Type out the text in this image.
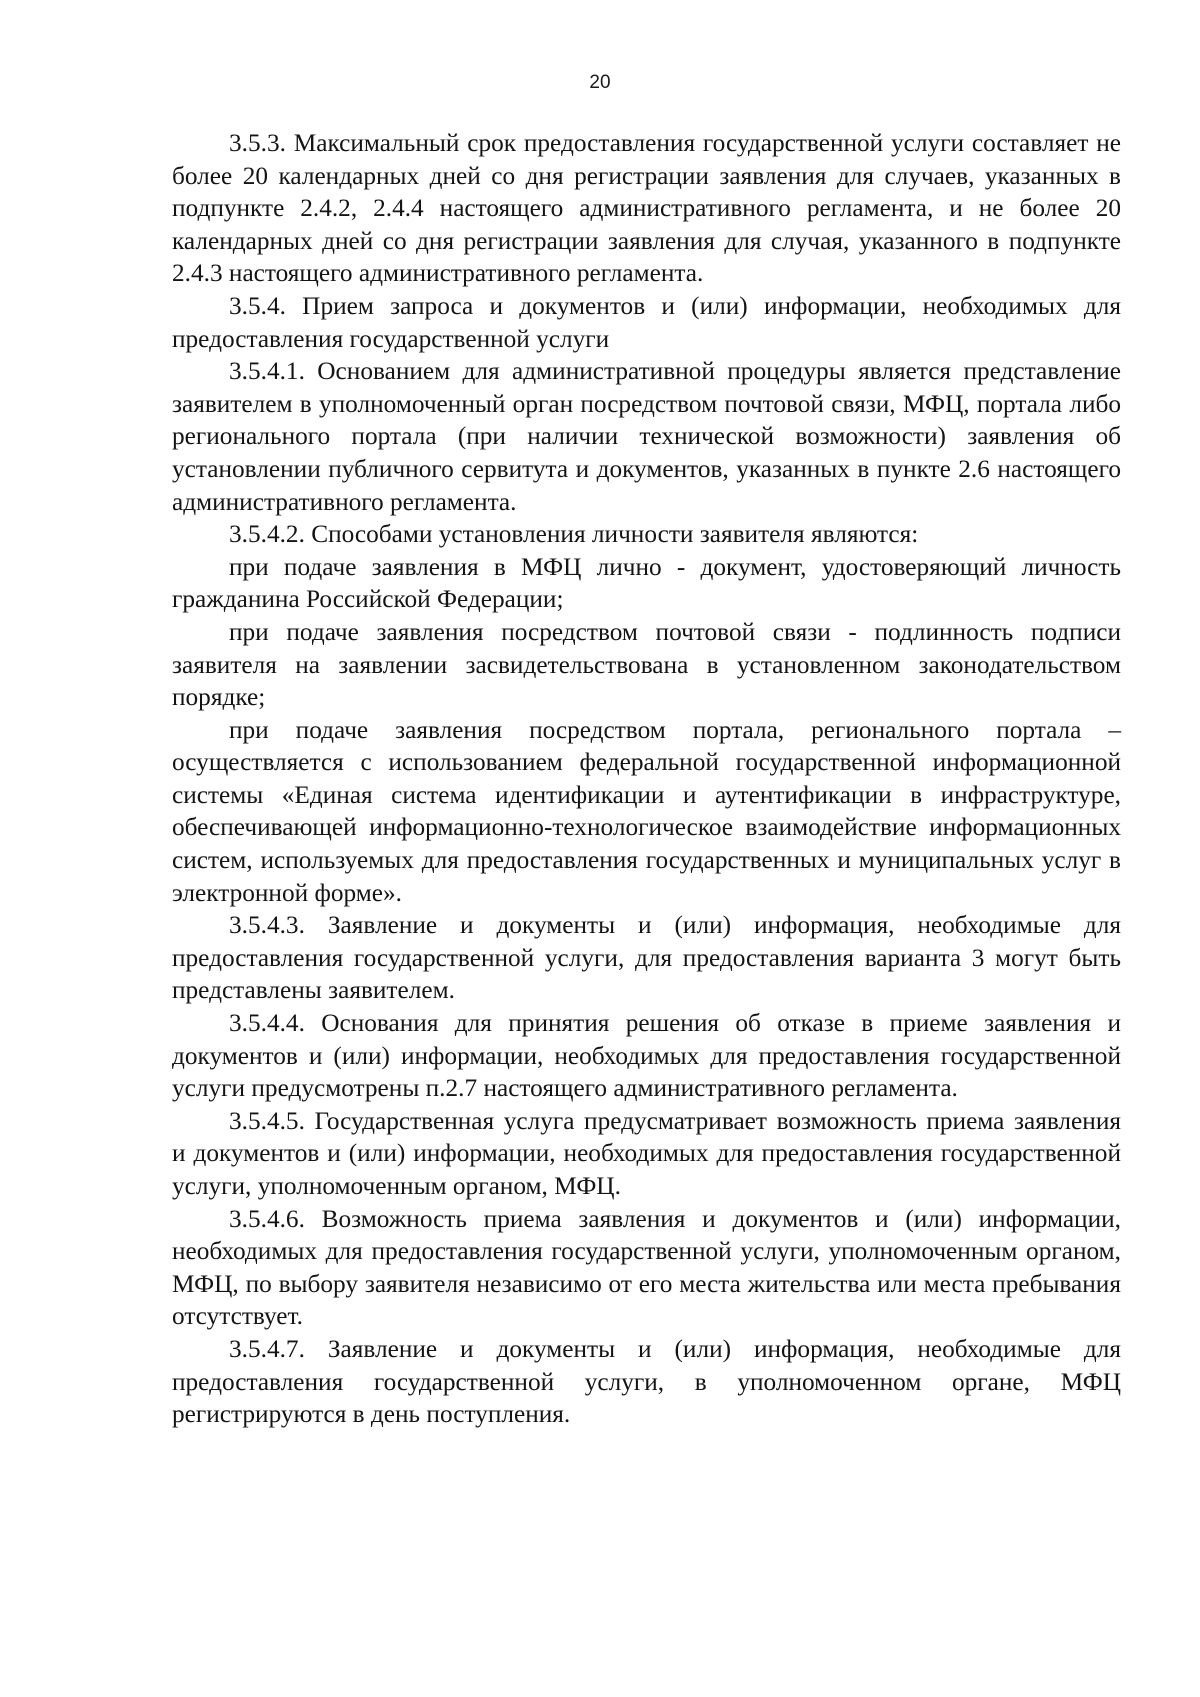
20

3.5.3. Максимальный срок предоставления государственной услуги составляет не более 20 календарных дней со дня регистрации заявления для случаев, указанных в подпункте 2.4.2, 2.4.4 настоящего административного регламента, и не более 20 календарных дней со дня регистрации заявления для случая, указанного в подпункте 2.4.3 настоящего административного регламента.

3.5.4. Прием запроса и документов и (или) информации, необходимых для предоставления государственной услуги

3.5.4.1. Основанием для административной процедуры является представление заявителем в уполномоченный орган посредством почтовой связи, МФЦ, портала либо регионального портала (при наличии технической возможности) заявления об установлении публичного сервитута и документов, указанных в пункте 2.6 настоящего административного регламента.

3.5.4.2. Способами установления личности заявителя являются:

при подаче заявления в МФЦ лично - документ, удостоверяющий личность гражданина Российской Федерации;

при подаче заявления посредством почтовой связи - подлинность подписи заявителя на заявлении засвидетельствована в установленном законодательством порядке;

при подаче заявления посредством портала, регионального портала – осуществляется с использованием федеральной государственной информационной системы «Единая система идентификации и аутентификации в инфраструктуре, обеспечивающей информационно-технологическое взаимодействие информационных систем, используемых для предоставления государственных и муниципальных услуг в электронной форме».

3.5.4.3. Заявление и документы и (или) информация, необходимые для предоставления государственной услуги, для предоставления варианта 3 могут быть представлены заявителем.

3.5.4.4. Основания для принятия решения об отказе в приеме заявления и документов и (или) информации, необходимых для предоставления государственной услуги предусмотрены п.2.7 настоящего административного регламента.

3.5.4.5. Государственная услуга предусматривает возможность приема заявления и документов и (или) информации, необходимых для предоставления государственной услуги, уполномоченным органом, МФЦ.

3.5.4.6. Возможность приема заявления и документов и (или) информации, необходимых для предоставления государственной услуги, уполномоченным органом, МФЦ, по выбору заявителя независимо от его места жительства или места пребывания отсутствует.

3.5.4.7. Заявление и документы и (или) информация, необходимые для предоставления государственной услуги, в уполномоченном органе, МФЦ регистрируются в день поступления.
